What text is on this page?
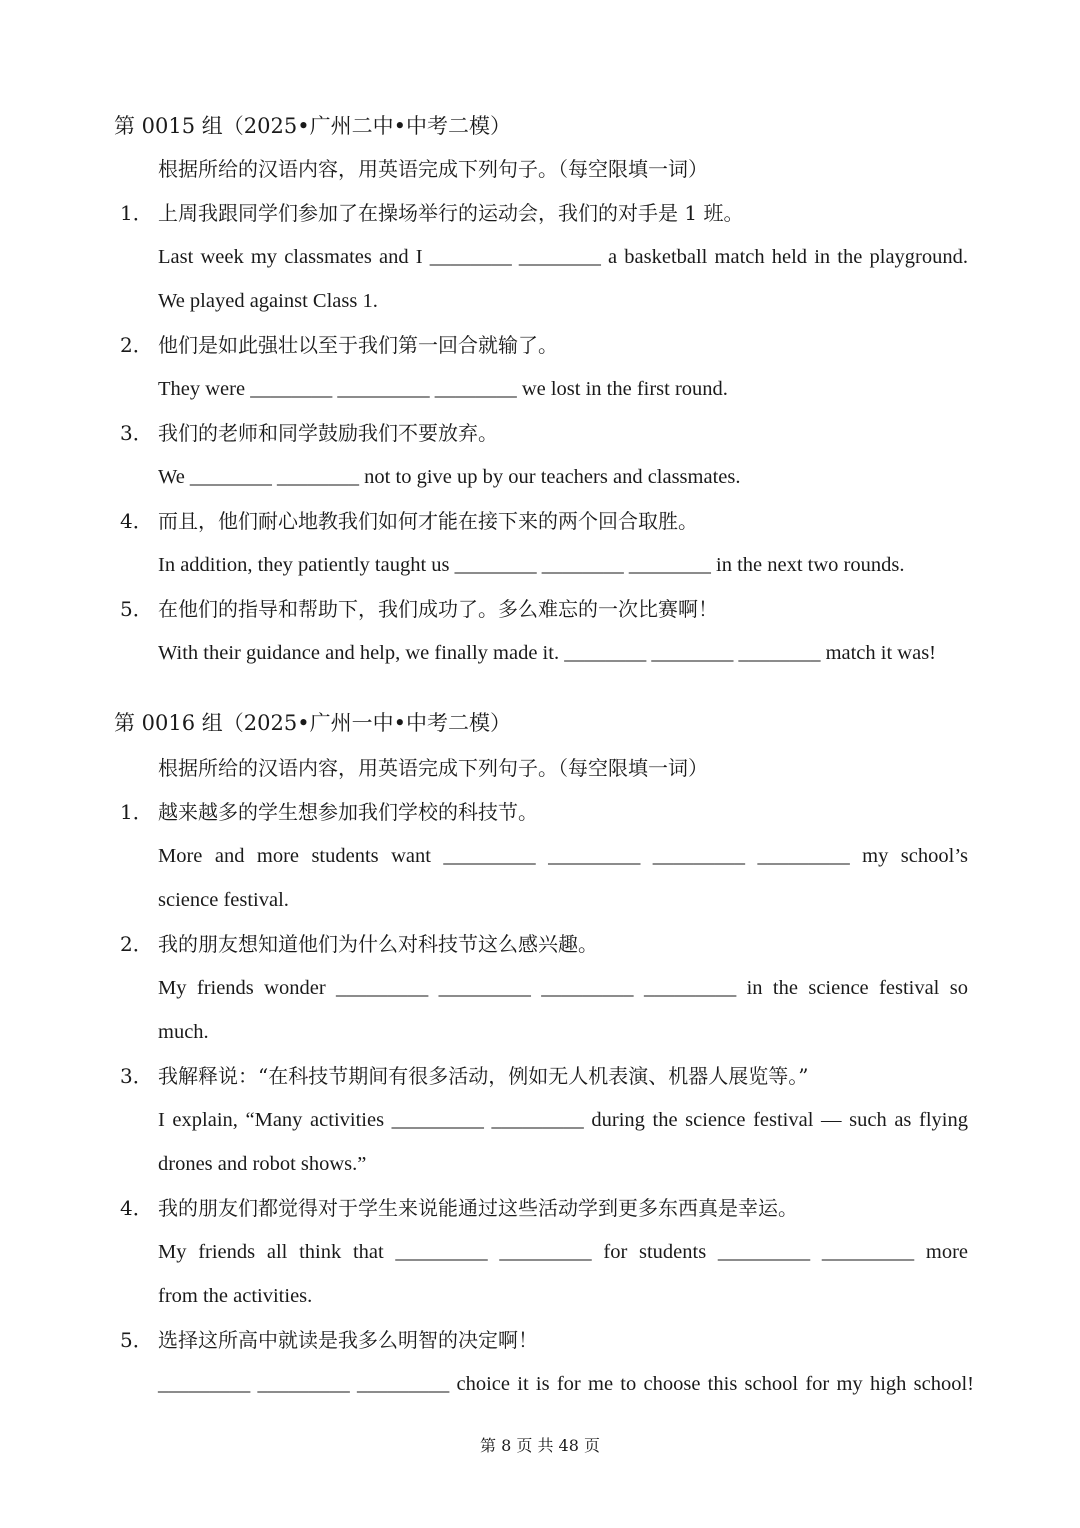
第 0015 组（2025•广州二中•中考二模）
根据所给的汉语内容，用英语完成下列句子。（每空限填一词）
1． 上周我跟同学们参加了在操场举行的运动会，我们的对手是 1 班。
Last week my classmates and I ________ ________ a basketball match held in the playground.
We played against Class 1.
2． 他们是如此强壮以至于我们第一回合就输了。
They were ________ _________ ________ we lost in the first round.
3． 我们的老师和同学鼓励我们不要放弃。
We ________ ________ not to give up by our teachers and classmates.
4． 而且，他们耐心地教我们如何才能在接下来的两个回合取胜。
In addition, they patiently taught us ________ ________ ________ in the next two rounds.
5． 在他们的指导和帮助下，我们成功了。多么难忘的一次比赛啊！
With their guidance and help, we finally made it. ________ ________ ________ match it was!
第 0016 组（2025•广州一中•中考二模）
根据所给的汉语内容，用英语完成下列句子。（每空限填一词）
1． 越来越多的学生想参加我们学校的科技节。
More and more students want _________ _________ _________ _________ my school’s
science festival.
2． 我的朋友想知道他们为什么对科技节这么感兴趣。
My friends wonder _________ _________ _________ _________ in the science festival so
much.
3． 我解释说：“在科技节期间有很多活动，例如无人机表演、机器人展览等。”
I explain, “Many activities _________ _________ during the science festival — such as flying
drones and robot shows.”
4． 我的朋友们都觉得对于学生来说能通过这些活动学到更多东西真是幸运。
My friends all think that _________ _________ for students _________ _________ more
from the activities.
5． 选择这所高中就读是我多么明智的决定啊！
_________ _________ _________ choice it is for me to choose this school for my high school!
第 8 页 共 48 页
